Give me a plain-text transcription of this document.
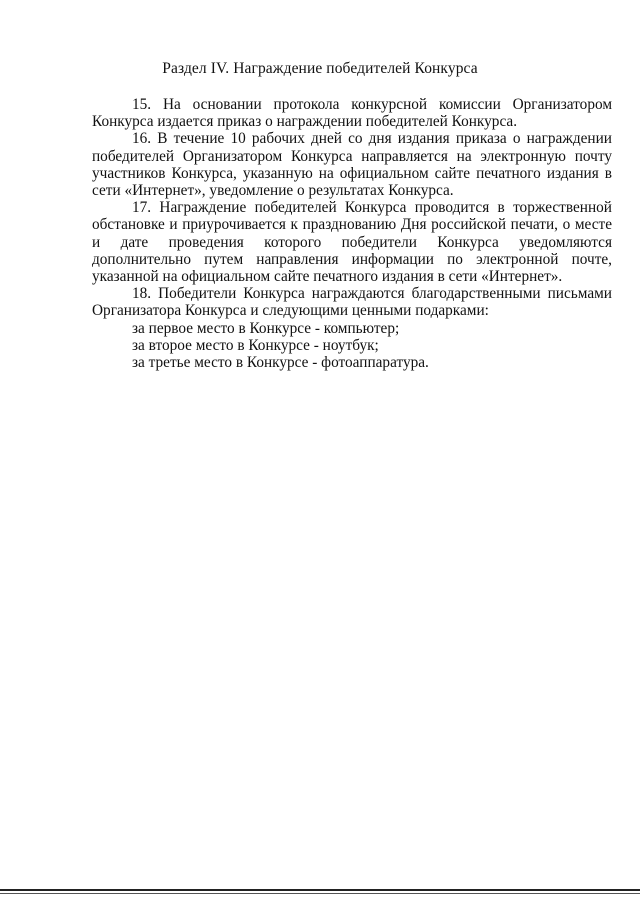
Раздел IV. Награждение победителей Конкурса

15. На основании протокола конкурсной комиссии Организатором Конкурса издается приказ о награждении победителей Конкурса.

16. В течение 10 рабочих дней со дня издания приказа о награждении победителей Организатором Конкурса направляется на электронную почту участников Конкурса, указанную на официальном сайте печатного издания в сети «Интернет», уведомление о результатах Конкурса.

17. Награждение победителей Конкурса проводится в торжественной обстановке и приурочивается к празднованию Дня российской печати, о месте и дате проведения которого победители Конкурса уведомляются дополнительно путем направления информации по электронной почте, указанной на официальном сайте печатного издания в сети «Интернет».

18. Победители Конкурса награждаются благодарственными письмами Организатора Конкурса и следующими ценными подарками:

за первое место в Конкурсе - компьютер;

за второе место в Конкурсе - ноутбук;

за третье место в Конкурсе - фотоаппаратура.
